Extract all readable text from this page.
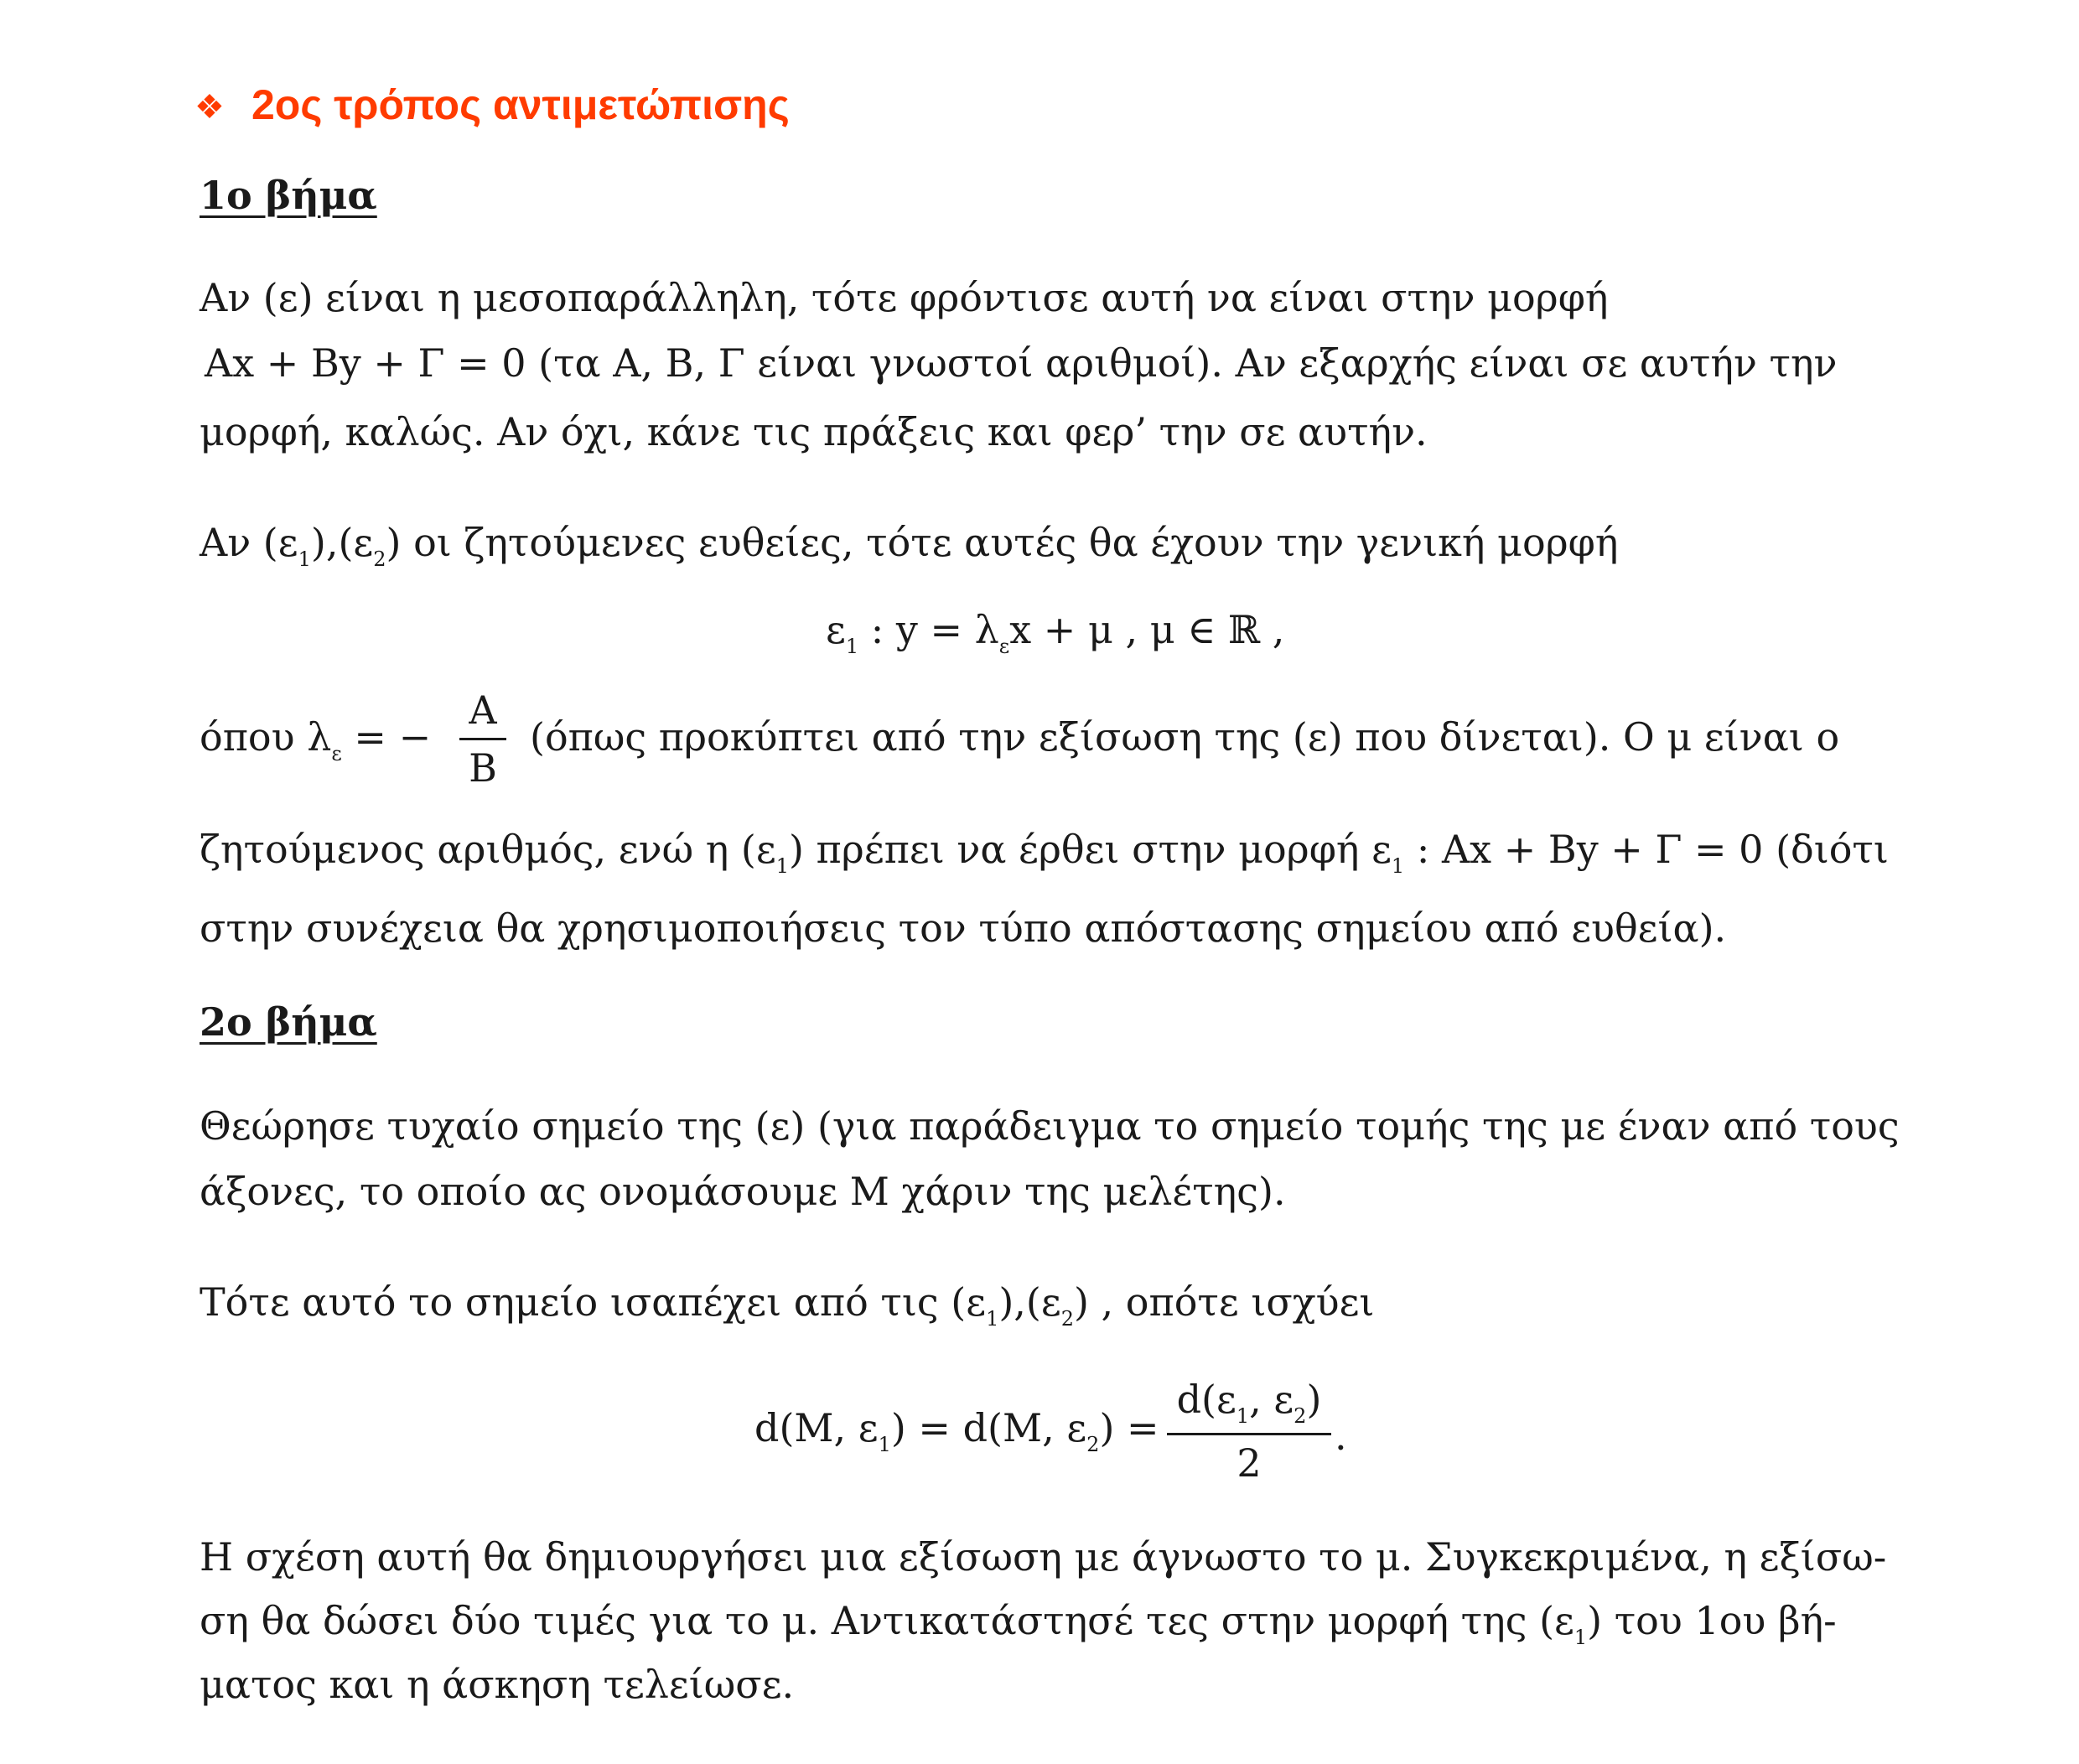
❖ 2ος τρόπος αντιμετώπισης
1ο βήμα
Αν (ε) είναι η μεσοπαράλληλη, τότε φρόντισε αυτή να είναι στην μορφή
Ax + By + Γ = 0 (τα Α, Β, Γ είναι γνωστοί αριθμοί). Αν εξαρχής είναι σε αυτήν την
μορφή, καλώς. Αν όχι, κάνε τις πράξεις και φερ’ την σε αυτήν.
Αν $(\varepsilon_1),(\varepsilon_2)$ οι ζητούμενες ευθείες, τότε αυτές θα έχουν την γενική μορφή
$\varepsilon_1$ : $y = \lambda_\varepsilon x + \mu$ , μ ∈ ℝ ,
όπου $\lambda_\varepsilon$ = −
A
B
(όπως προκύπτει από την εξίσωση της (ε) που δίνεται). Ο μ είναι ο
ζητούμενος αριθμός, ενώ η $(\varepsilon_1)$ πρέπει να έρθει στην μορφή $\varepsilon_1$ : Ax + By + Γ = 0 (διότι
στην συνέχεια θα χρησιμοποιήσεις τον τύπο απόστασης σημείου από ευθεία).
2ο βήμα
Θεώρησε τυχαίο σημείο της (ε) (για παράδειγμα το σημείο τομής της με έναν από τους
άξονες, το οποίο ας ονομάσουμε Μ χάριν της μελέτης).
Τότε αυτό το σημείο ισαπέχει από τις $(\varepsilon_1),(\varepsilon_2)$ , οπότε ισχύει
d(M, $\varepsilon_1) = d(M$, $\varepsilon_2$) =
$d(\varepsilon_1$, $\varepsilon_2$)
2
.
Η σχέση αυτή θα δημιουργήσει μια εξίσωση με άγνωστο το μ. Συγκεκριμένα, η εξίσω-
ση θα δώσει δύο τιμές για το μ. Αντικατάστησέ τες στην μορφή της $(\varepsilon_1)$ του 1ου βή-
ματος και η άσκηση τελείωσε.
